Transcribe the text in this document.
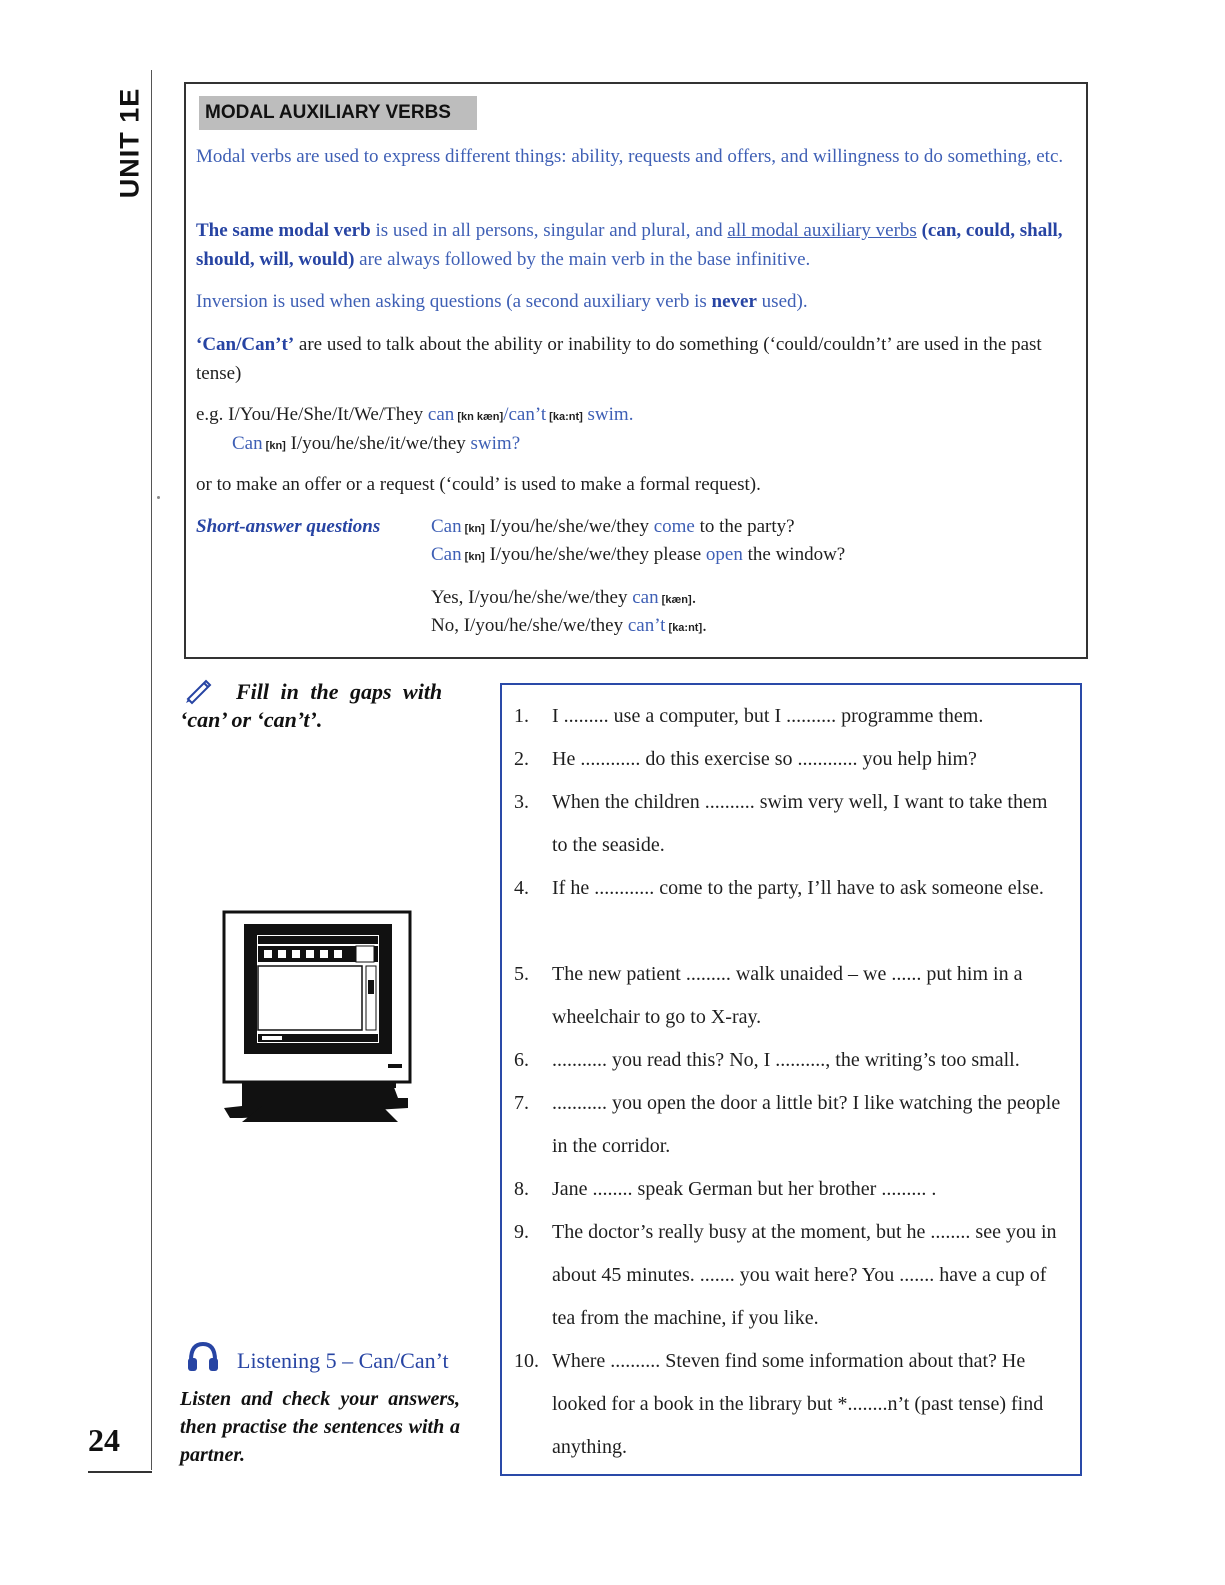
UNIT 1E
24
MODAL AUXILIARY VERBS
Modal verbs are used to express different things: ability, requests and offers, and willingness to do something, etc.
The same modal verb is used in all persons, singular and plural, and all modal auxiliary verbs (can, could, shall, should, will, would) are always followed by the main verb in the base infinitive.
Inversion is used when asking questions (a second auxiliary verb is never used).
‘Can/Can’t’ are used to talk about the ability or inability to do something (‘could/couldn’t’ are used in the past tense)
e.g. I/You/He/She/It/We/They can [kn kæn]/can’t [ka:nt] swim.
Can [kn] I/you/he/she/it/we/they swim?
or to make an offer or a request (‘could’ is used to make a formal request).
Short-answer questions	Can [kn] I/you/he/she/we/they come to the party?
Can [kn] I/you/he/she/we/they please open the window?
Yes, I/you/he/she/we/they can [kæn].
No, I/you/he/she/we/they can’t [ka:nt].
Fill in the gaps with
‘can’ or ‘can’t’.
Listening 5 – Can/Can’t
Listen and check your answers, then practise the sentences with a partner.
1.	I ......... use a computer, but I .......... programme them.
2.	He ............ do this exercise so ............ you help him?
3.	When the children .......... swim very well, I want to take them to the seaside.
4.	If he ............ come to the party, I’ll have to ask someone else.
5.	The new patient ......... walk unaided – we ...... put him in a wheelchair to go to X-ray.
6.	........... you read this? No, I .........., the writing’s too small.
7.	........... you open the door a little bit? I like watching the people in the corridor.
8.	Jane ........ speak German but her brother ......... .
9.	The doctor’s really busy at the moment, but he ........ see you in about 45 minutes. ....... you wait here? You ....... have a cup of tea from the machine, if you like.
10. Where .......... Steven find some information about that? He looked for a book in the library but *........n’t (past tense) find anything.
